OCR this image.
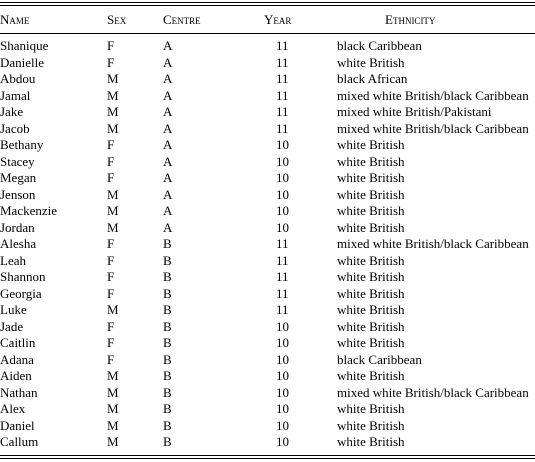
Name	Sex	Centre	Year	Ethnicity

Shanique	F	A	11	black Caribbean
Danielle	F	A	11	white British
Abdou	M	A	11	black African
Jamal	M	A	11	mixed white British/black Caribbean
Jake	M	A	11	mixed white British/Pakistani
Jacob	M	A	11	mixed white British/black Caribbean
Bethany	F	A	10	white British
Stacey	F	A	10	white British
Megan	F	A	10	white British
Jenson	M	A	10	white British
Mackenzie	M	A	10	white British
Jordan	M	A	10	white British
Alesha	F	B	11	mixed white British/black Caribbean
Leah	F	B	11	white British
Shannon	F	B	11	white British
Georgia	F	B	11	white British
Luke	M	B	11	white British
Jade	F	B	10	white British
Caitlin	F	B	10	white British
Adana	F	B	10	black Caribbean
Aiden	M	B	10	white British
Nathan	M	B	10	mixed white British/black Caribbean
Alex	M	B	10	white British
Daniel	M	B	10	white British
Callum	M	B	10	white British
